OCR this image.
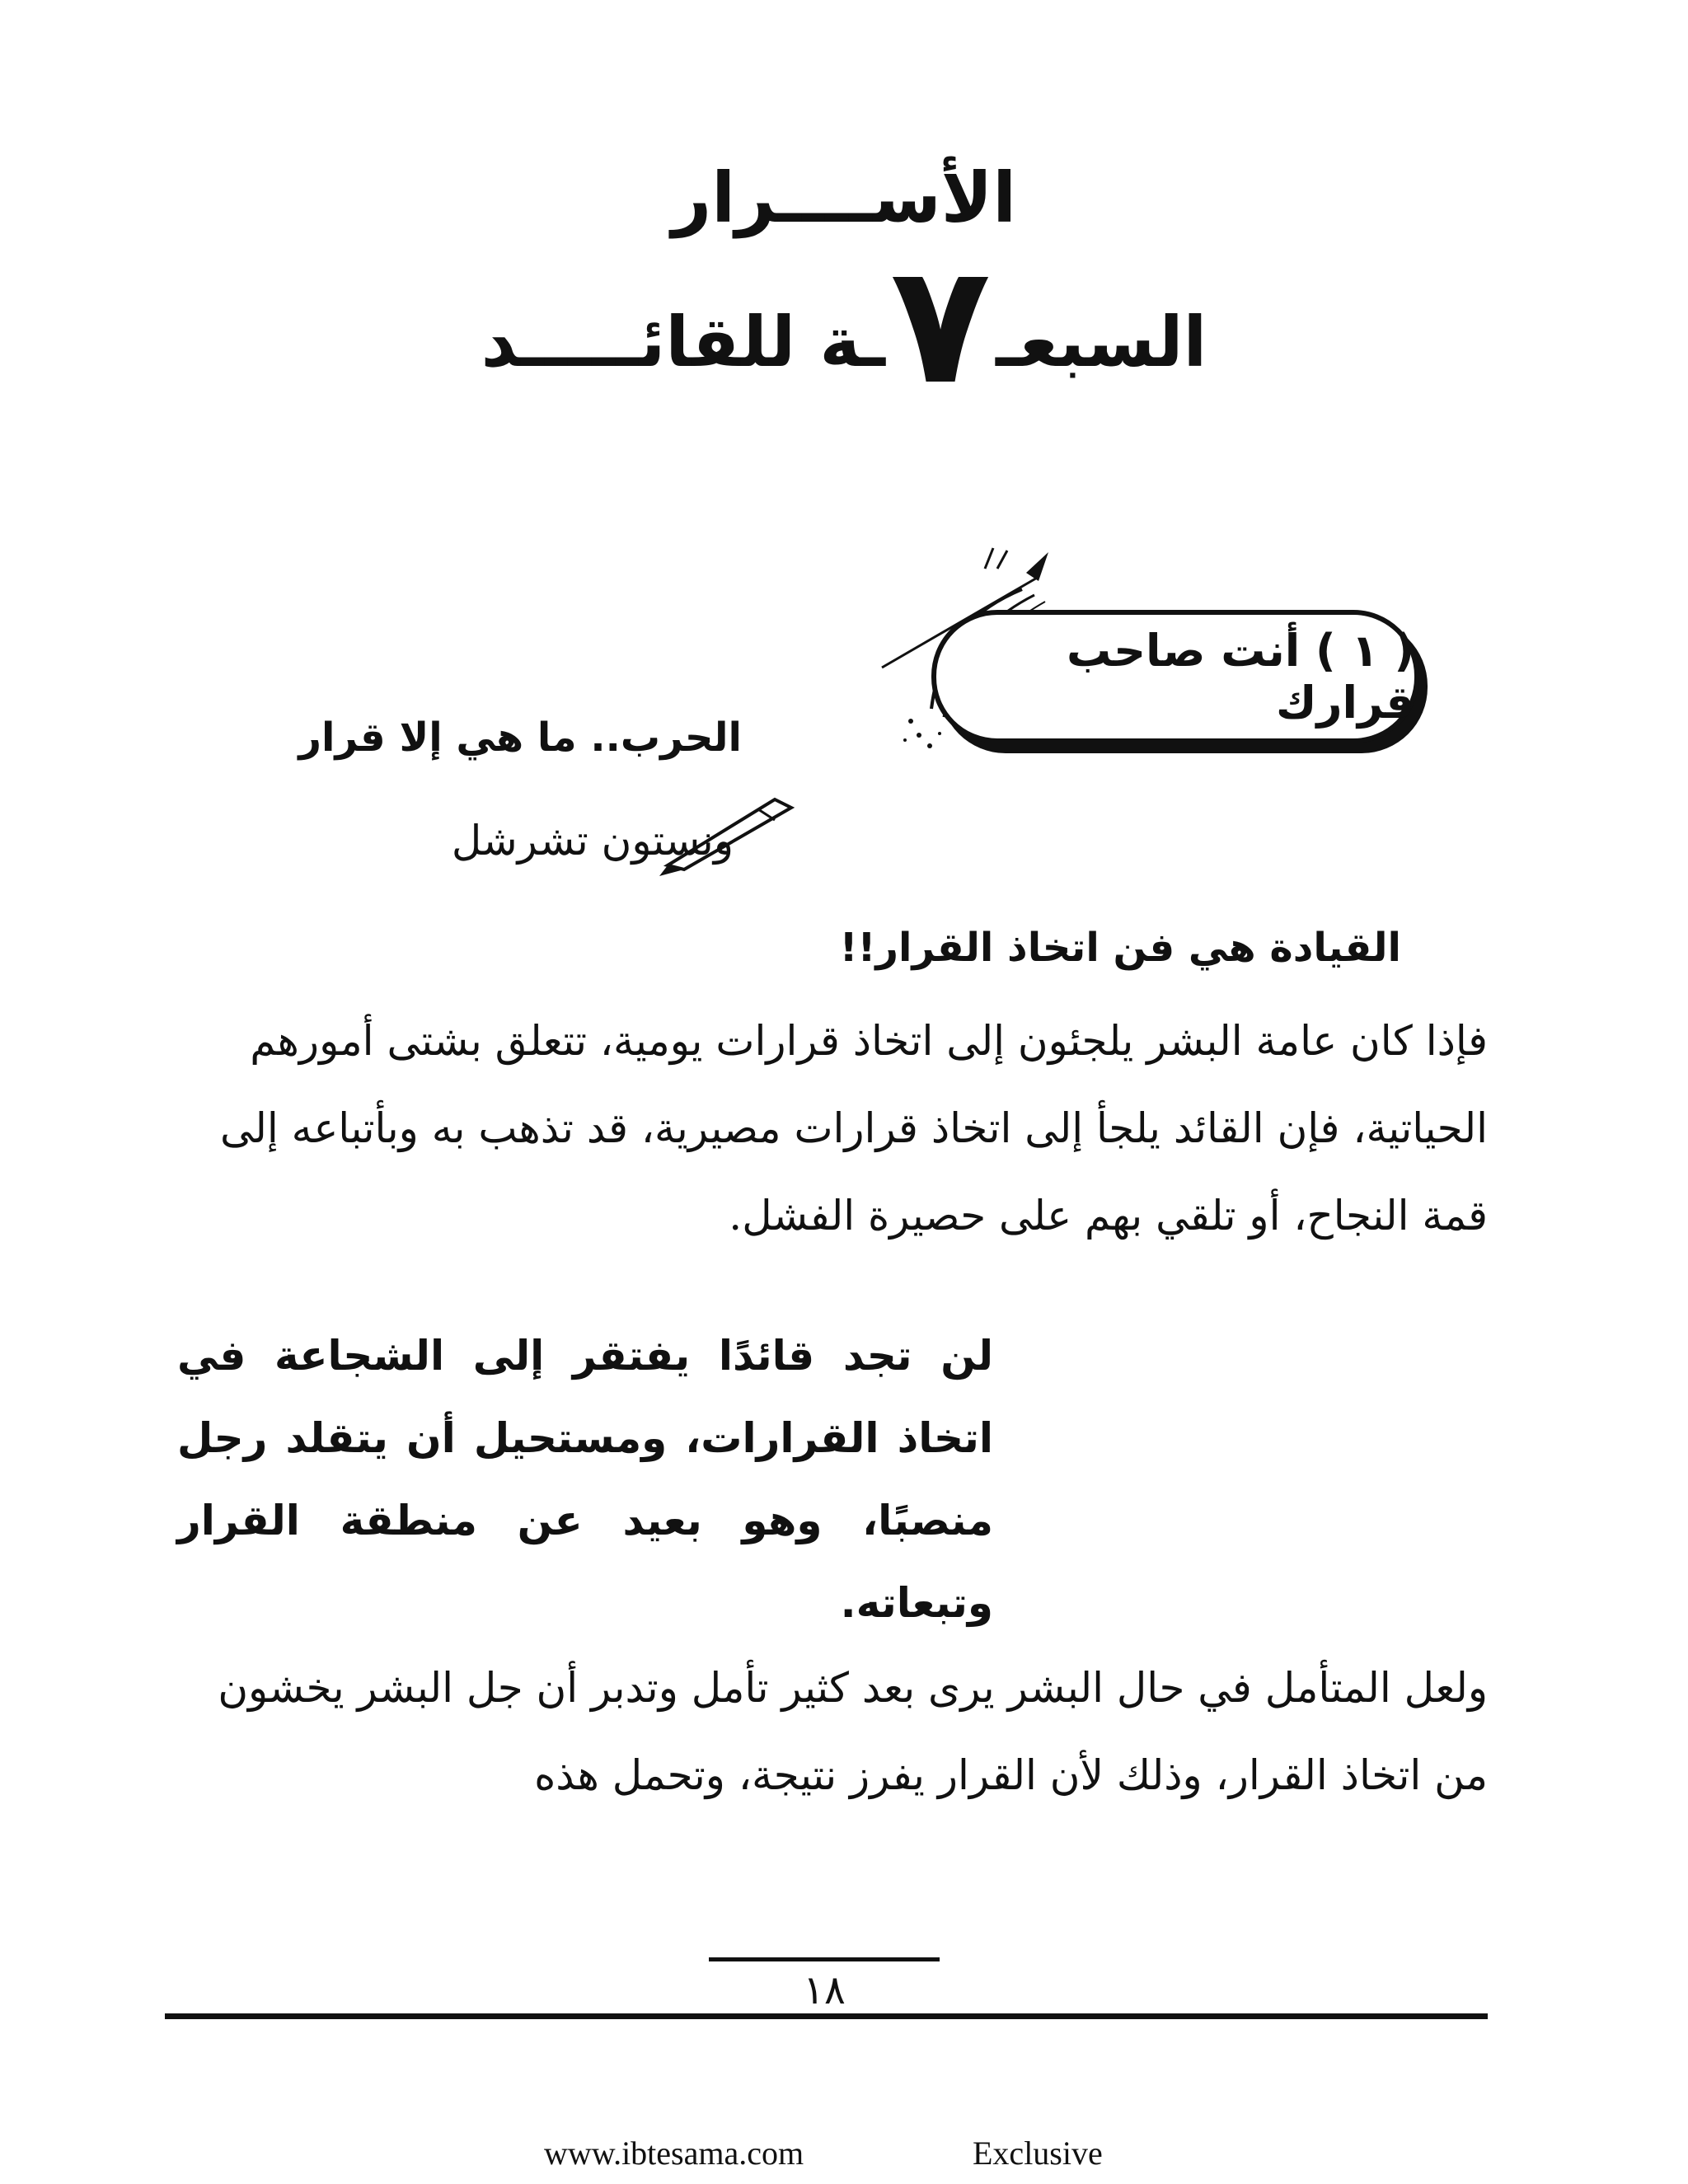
الأســــرار
السبعـ
٧
ـة للقائـــــد
( ١ ) أنت صاحب قرارك
الحرب.. ما هي إلا قرار
ونستون تشرشل
القيادة هي فن اتخاذ القرار!!
فإذا كان عامة البشر يلجئون إلى اتخاذ قرارات يومية، تتعلق بشتى أمورهم الحياتية، فإن القائد يلجأ إلى اتخاذ قرارات مصيرية، قد تذهب به وبأتباعه إلى قمة النجاح، أو تلقي بهم على حصيرة الفشل.
لن تجد قائدًا يفتقر إلى الشجاعة في اتخاذ القرارات، ومستحيل أن يتقلد رجل منصبًا، وهو بعيد عن منطقة القرار وتبعاته.
ولعل المتأمل في حال البشر يرى بعد كثير تأمل وتدبر أن جل البشر يخشون من اتخاذ القرار، وذلك لأن القرار يفرز نتيجة، وتحمل هذه
١٨
www.ibtesama.com	Exclusive
